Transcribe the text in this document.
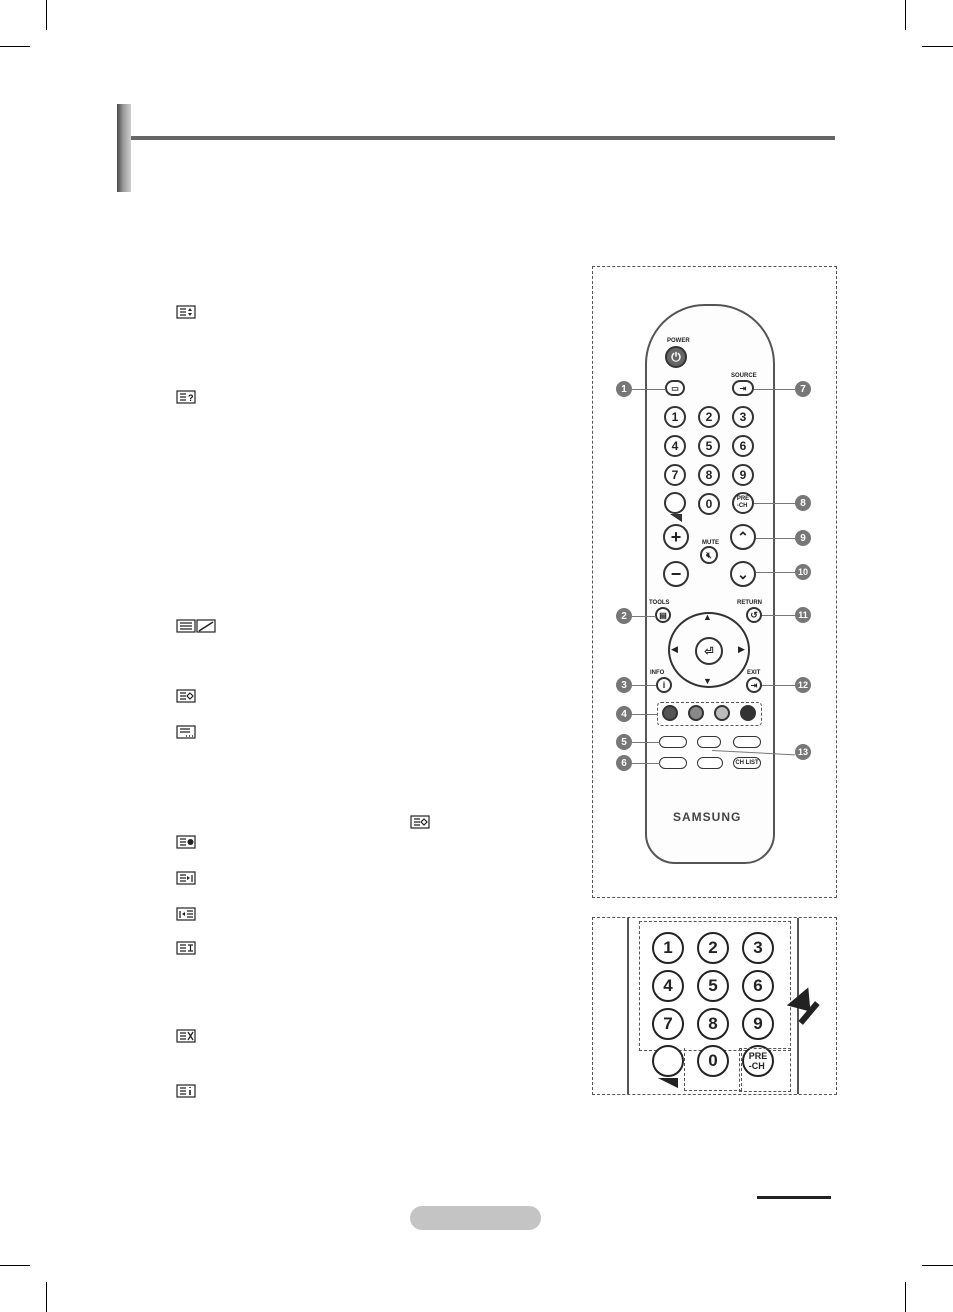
?
POWER
⏻
SOURCE
▭	⇥
1	2	3
4	5	6
7	8	9
0	PRE
-CH
+
−
MUTE
🔇︎
⌃
⌄
TOOLS
▤
RETURN
↺
▲
▼
◀	▶
⏎
INFO
i
EXIT
⇥
CH LIST
SAMSUNG
1
2
3
4
5
6
7
8
9
10
11
12
13
1	2	3
4	5	6
7	8	9
0	PRE
-CH
